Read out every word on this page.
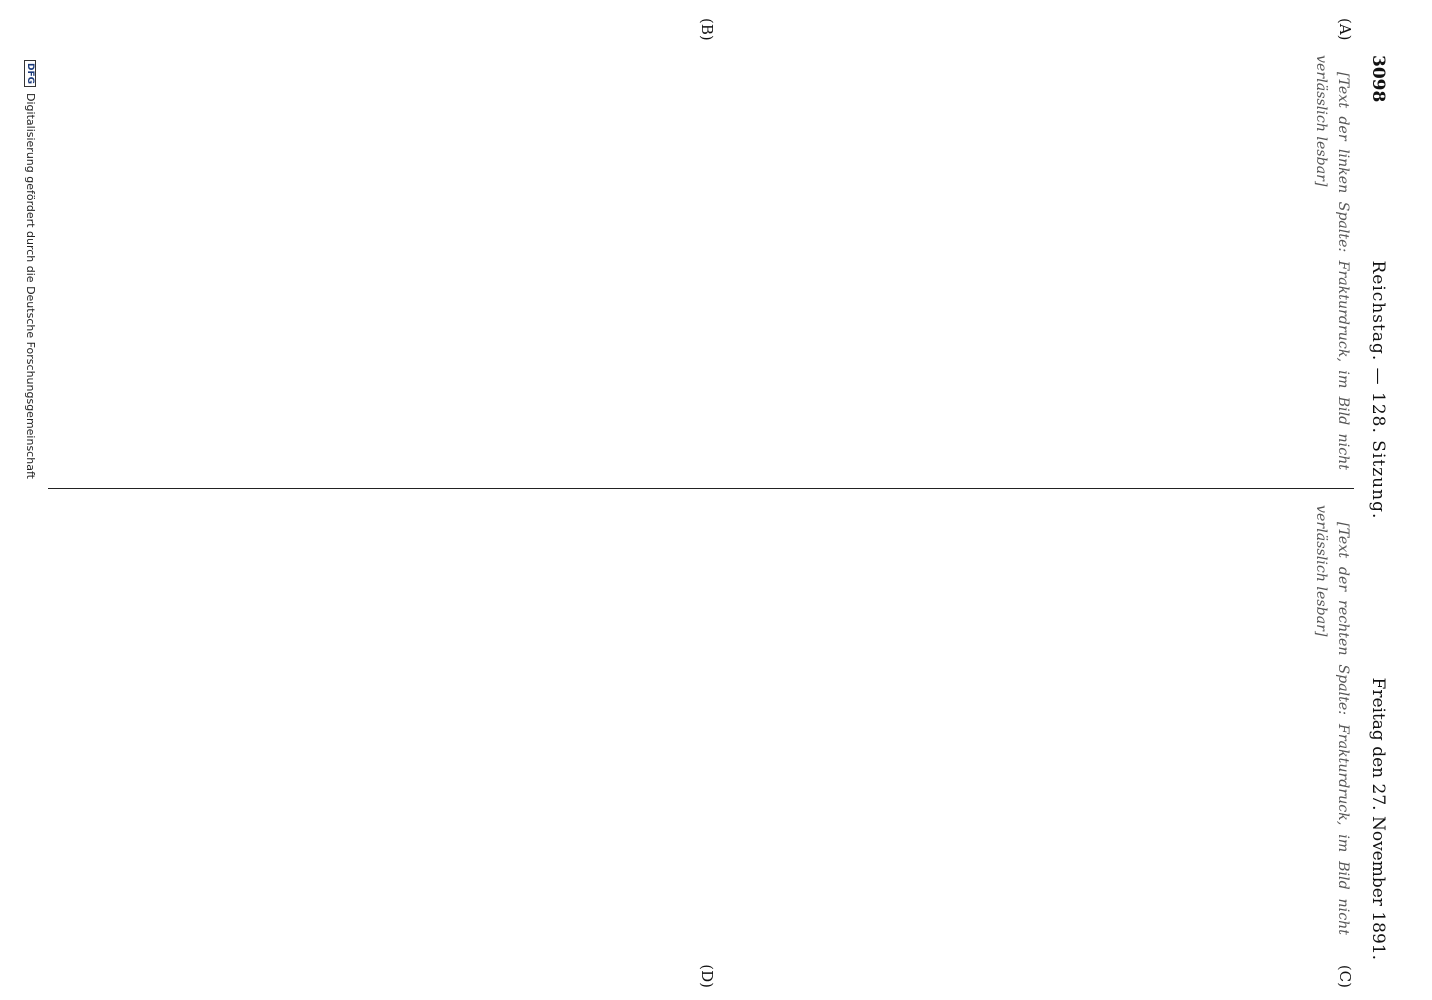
3098
Reichstag. — 128. Sitzung.
Freitag den 27. November 1891.
(A)
(B)
(C)
(D)

[Text der linken Spalte: Frakturdruck, im Bild nicht verlässlich lesbar]

[Text der rechten Spalte: Frakturdruck, im Bild nicht verlässlich lesbar]

DFG
Digitalisierung gefördert durch die Deutsche Forschungsgemeinschaft
